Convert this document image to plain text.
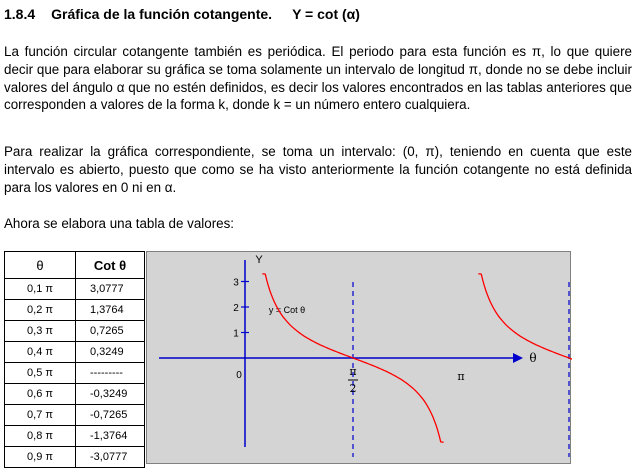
1.8.4 Gráfica de la función cotangente. Y = cot (α)
La función circular cotangente también es periódica. El periodo para esta función es π, lo que quiere decir que para elaborar su gráfica se toma solamente un intervalo de longitud π, donde no se debe incluir valores del ángulo α que no estén definidos, es decir los valores encontrados en las tablas anteriores que corresponden a valores de la forma k, donde k = un número entero cualquiera.
Para realizar la gráfica correspondiente, se toma un intervalo: (0, π), teniendo en cuenta que este intervalo es abierto, puesto que como se ha visto anteriormente la función cotangente no está definida para los valores en 0 ni en α.
Ahora se elabora una tabla de valores:
θ	Cot θ
0,1 π	3,0777
0,2 π	1,3764
0,3 π	0,7265
0,4 π	0,3249
0,5 π	---------
0,6 π	-0,3249
0,7 π	-0,7265
0,8 π	-1,3764
0,9 π	-3,0777
1
2
3
Y
θ
y = Cot θ
0	π
2
π
